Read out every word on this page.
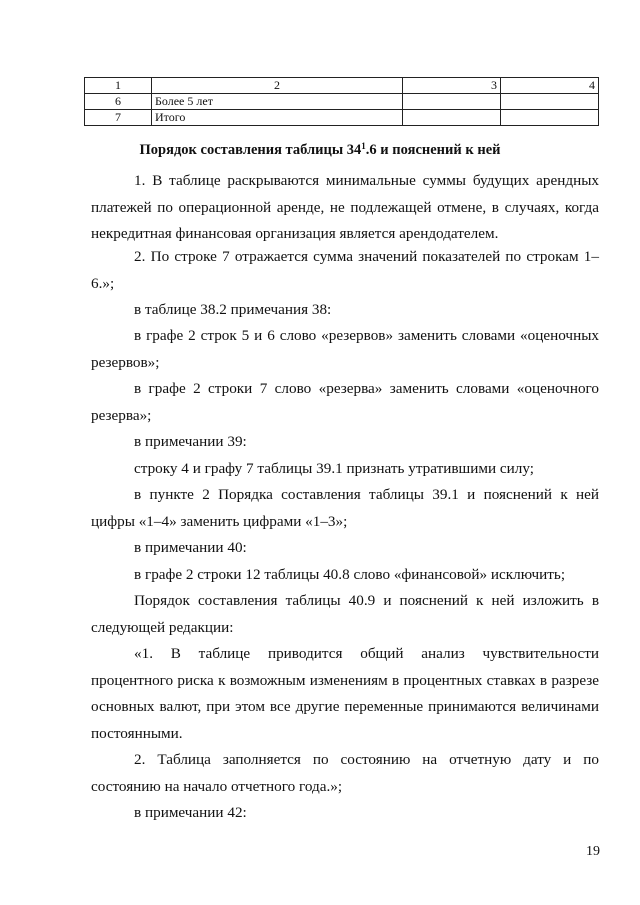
1	2	3	4
6	Более 5 лет		
7	Итого		
Порядок составления таблицы $34^1.6$ и пояснений к ней

1. В таблице раскрываются минимальные суммы будущих арендных платежей по операционной аренде, не подлежащей отмене, в случаях, когда некредитная финансовая организация является арендодателем.

2. По строке 7 отражается сумма значений показателей по строкам 1–6.»;

в таблице 38.2 примечания 38:

в графе 2 строк 5 и 6 слово «резервов» заменить словами «оценочных резервов»;

в графе 2 строки 7 слово «резерва» заменить словами «оценочного резерва»;

в примечании 39:

строку 4 и графу 7 таблицы 39.1 признать утратившими силу;

в пункте 2 Порядка составления таблицы 39.1 и пояснений к ней цифры «1–4» заменить цифрами «1–3»;

в примечании 40:

в графе 2 строки 12 таблицы 40.8 слово «финансовой» исключить;

Порядок составления таблицы 40.9 и пояснений к ней изложить в следующей редакции:

«1. В таблице приводится общий анализ чувствительности процентного риска к возможным изменениям в процентных ставках в разрезе основных валют, при этом все другие переменные принимаются величинами постоянными.

2. Таблица заполняется по состоянию на отчетную дату и по состоянию на начало отчетного года.»;

в примечании 42:

19
